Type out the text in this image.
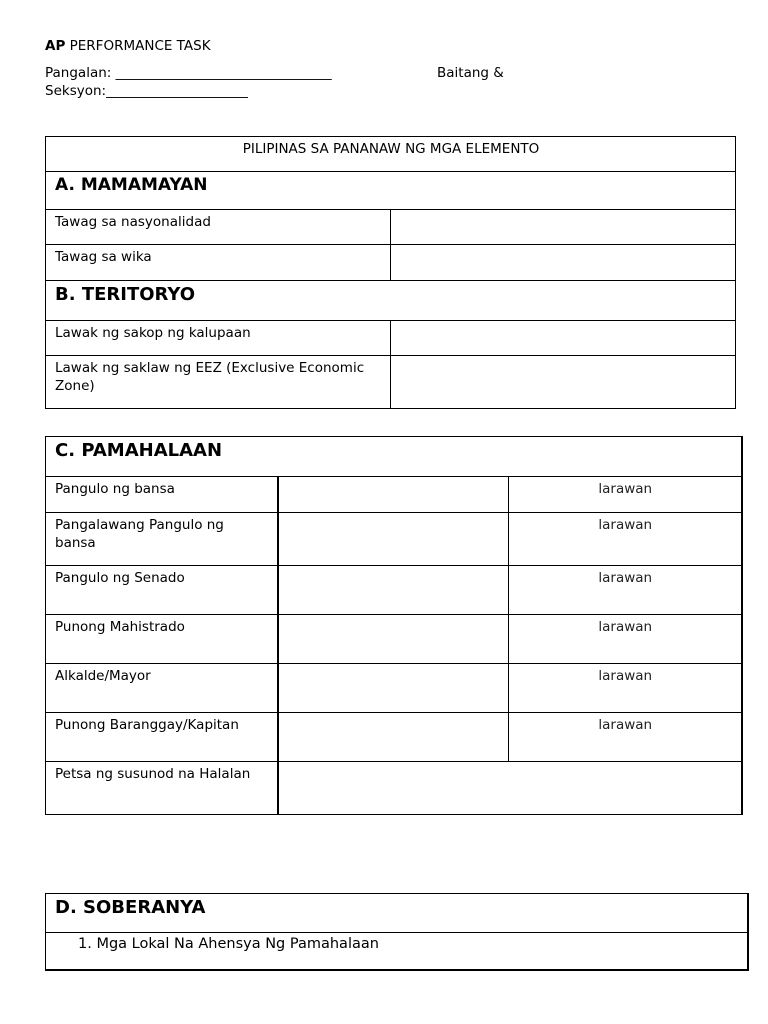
AP PERFORMANCE TASK
Pangalan: ________________________________	Baitang &
Seksyon:_____________________
PILIPINAS SA PANANAW NG MGA ELEMENTO	
A. MAMAMAYAN	
Tawag sa nasyonalidad	
Tawag sa wika	
B. TERITORYO	
Lawak ng sakop ng kalupaan	
Lawak ng saklaw ng EEZ (Exclusive Economic Zone)	
C. PAMAHALAAN		
Pangulo ng bansa		larawan
Pangalawang Pangulo ng bansa		larawan
Pangulo ng Senado		larawan
Punong Mahistrado		larawan
Alkalde/Mayor		larawan
Punong Baranggay/Kapitan		larawan
Petsa ng susunod na Halalan		
D. SOBERANYA
1. Mga Lokal Na Ahensya Ng Pamahalaan
